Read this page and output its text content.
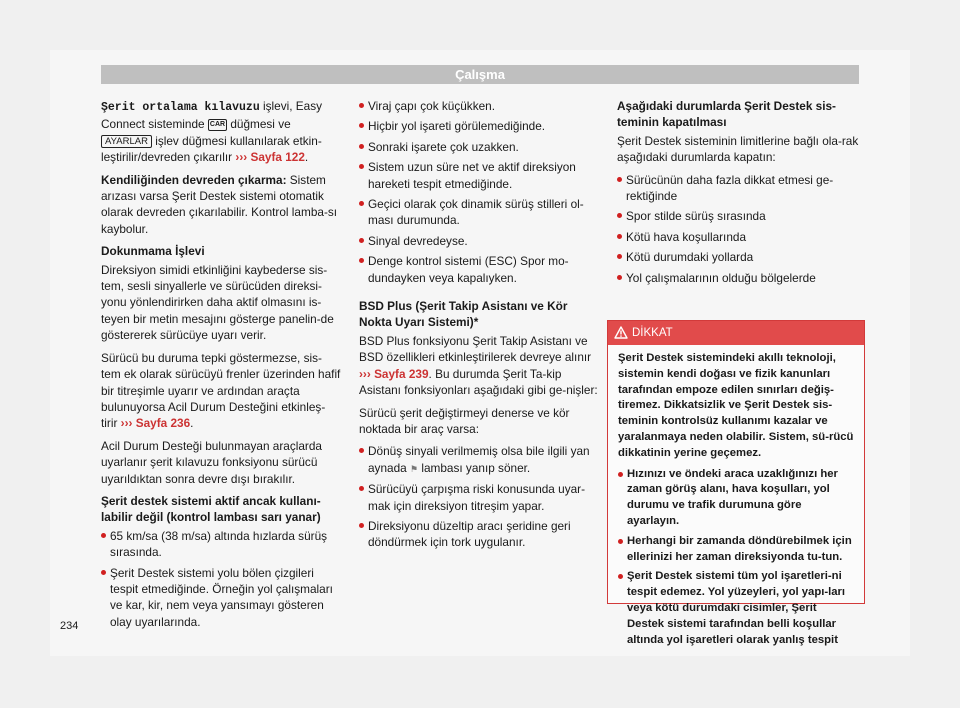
Çalışma

Şerit ortalama kılavuzu işlevi, Easy Connect sisteminde CAR düğmesi ve AYARLAR işlev düğmesi kullanılarak etkin-leştirilir/devreden çıkarılır ››› Sayfa 122.

Kendiliğinden devreden çıkarma: Sistem arızası varsa Şerit Destek sistemi otomatik olarak devreden çıkarılabilir. Kontrol lamba-sı kaybolur.

Dokunmama İşlevi

Direksiyon simidi etkinliğini kaybederse sis-tem, sesli sinyallerle ve sürücüden direksi-yonu yönlendirirken daha aktif olmasını is-teyen bir metin mesajını gösterge panelin-de göstererek sürücüye uyarı verir.

Sürücü bu duruma tepki göstermezse, sis-tem ek olarak sürücüyü frenler üzerinden hafif bir titreşimle uyarır ve ardından araçta bulunuyorsa Acil Durum Desteğini etkinleş-tirir ››› Sayfa 236.

Acil Durum Desteği bulunmayan araçlarda uyarlanır şerit kılavuzu fonksiyonu sürücü uyarıldıktan sonra devre dışı bırakılır.

Şerit destek sistemi aktif ancak kullanı-labilir değil (kontrol lambası sarı yanar)
65 km/sa (38 m/sa) altında hızlarda sürüş sırasında.
Şerit Destek sistemi yolu bölen çizgileri tespit etmediğinde. Örneğin yol çalışmaları ve kar, kir, nem veya yansımayı gösteren olay uyarılarında.
Viraj çapı çok küçükken.
Hiçbir yol işareti görülemediğinde.
Sonraki işarete çok uzakken.
Sistem uzun süre net ve aktif direksiyon hareketi tespit etmediğinde.
Geçici olarak çok dinamik sürüş stilleri ol-ması durumunda.
Sinyal devredeyse.
Denge kontrol sistemi (ESC) Spor mo-dundayken veya kapalıyken.
BSD Plus (Şerit Takip Asistanı ve Kör Nokta Uyarı Sistemi)*

BSD Plus fonksiyonu Şerit Takip Asistanı ve BSD özellikleri etkinleştirilerek devreye alınır ››› Sayfa 239. Bu durumda Şerit Ta-kip Asistanı fonksiyonları aşağıdaki gibi ge-nişler:

Sürücü şerit değiştirmeyi denerse ve kör noktada bir araç varsa:

Dönüş sinyali verilmemiş olsa bile ilgili yan aynada ⚑ lambası yanıp söner.
Sürücüyü çarpışma riski konusunda uyar-mak için direksiyon titreşim yapar.
Direksiyonu düzeltip aracı şeridine geri döndürmek için tork uygulanır.
Aşağıdaki durumlarda Şerit Destek sis-teminin kapatılması

Şerit Destek sisteminin limitlerine bağlı ola-rak aşağıdaki durumlarda kapatın:

Sürücünün daha fazla dikkat etmesi ge-rektiğinde
Spor stilde sürüş sırasında
Kötü hava koşullarında
Kötü durumdaki yollarda
Yol çalışmalarının olduğu bölgelerde
DİKKAT

Şerit Destek sistemindeki akıllı teknoloji, sistemin kendi doğası ve fizik kanunları tarafından empoze edilen sınırları değiş-tiremez. Dikkatsizlik ve Şerit Destek sis-teminin kontrolsüz kullanımı kazalar ve yaralanmaya neden olabilir. Sistem, sü-rücü dikkatinin yerine geçemez.

Hızınızı ve öndeki araca uzaklığınızı her zaman görüş alanı, hava koşulları, yol durumu ve trafik durumuna göre ayarlayın.
Herhangi bir zamanda döndürebilmek için ellerinizi her zaman direksiyonda tu-tun.
Şerit Destek sistemi tüm yol işaretleri-ni tespit edemez. Yol yüzeyleri, yol yapı-ları veya kötü durumdaki cisimler, Şerit Destek sistemi tarafından belli koşullar altında yol işaretleri olarak yanlış tespit
234
